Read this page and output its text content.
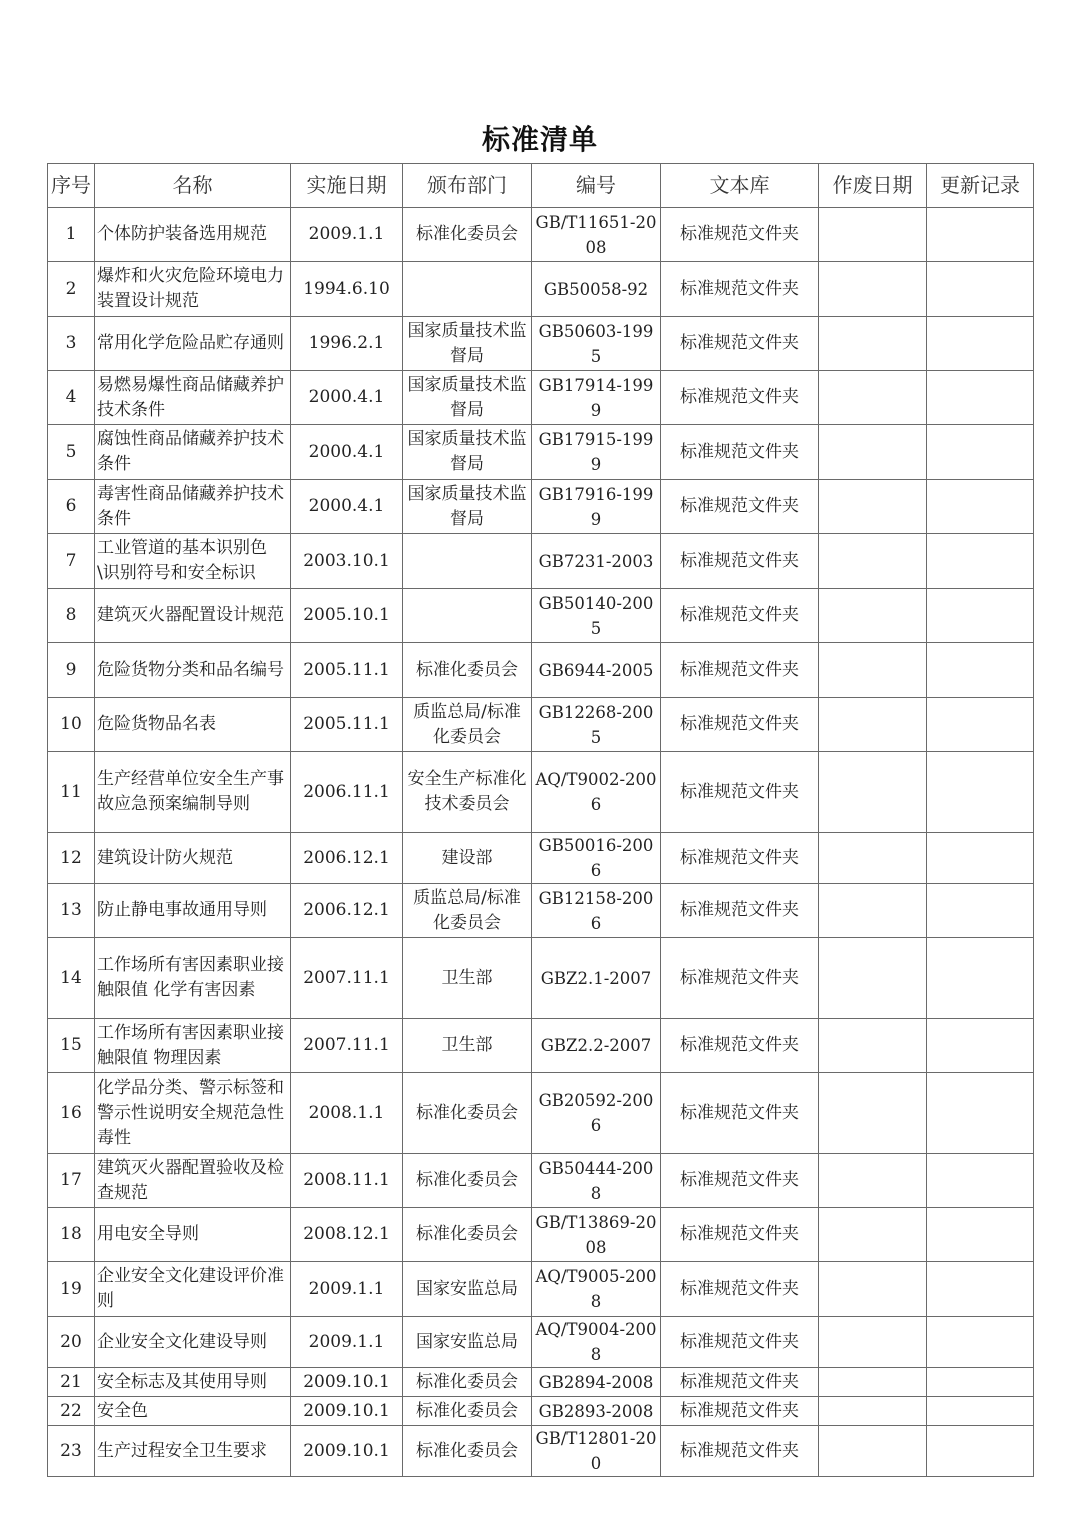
标准清单
序号	名称	实施日期	颁布部门	编号	文本库	作废日期	更新记录
1	个体防护装备选用规范	2009.1.1	标准化委员会	GB/T11651-2008	标准规范文件夹		
2	爆炸和火灾危险环境电力装置设计规范	1994.6.10		GB50058-92	标准规范文件夹		
3	常用化学危险品贮存通则	1996.2.1	国家质量技术监督局	GB50603-1995	标准规范文件夹		
4	易燃易爆性商品储藏养护技术条件	2000.4.1	国家质量技术监督局	GB17914-1999	标准规范文件夹		
5	腐蚀性商品储藏养护技术条件	2000.4.1	国家质量技术监督局	GB17915-1999	标准规范文件夹		
6	毒害性商品储藏养护技术条件	2000.4.1	国家质量技术监督局	GB17916-1999	标准规范文件夹		
7	工业管道的基本识别色\识别符号和安全标识	2003.10.1		GB7231-2003	标准规范文件夹		
8	建筑灭火器配置设计规范	2005.10.1		GB50140-2005	标准规范文件夹		
9	危险货物分类和品名编号	2005.11.1	标准化委员会	GB6944-2005	标准规范文件夹		
10	危险货物品名表	2005.11.1	质监总局/标准化委员会	GB12268-2005	标准规范文件夹		
11	生产经营单位安全生产事故应急预案编制导则	2006.11.1	安全生产标准化技术委员会	AQ/T9002-2006	标准规范文件夹		
12	建筑设计防火规范	2006.12.1	建设部	GB50016-2006	标准规范文件夹		
13	防止静电事故通用导则	2006.12.1	质监总局/标准化委员会	GB12158-2006	标准规范文件夹		
14	工作场所有害因素职业接触限值 化学有害因素	2007.11.1	卫生部	GBZ2.1-2007	标准规范文件夹		
15	工作场所有害因素职业接触限值 物理因素	2007.11.1	卫生部	GBZ2.2-2007	标准规范文件夹		
16	化学品分类、警示标签和警示性说明安全规范急性毒性	2008.1.1	标准化委员会	GB20592-2006	标准规范文件夹		
17	建筑灭火器配置验收及检查规范	2008.11.1	标准化委员会	GB50444-2008	标准规范文件夹		
18	用电安全导则	2008.12.1	标准化委员会	GB/T13869-2008	标准规范文件夹		
19	企业安全文化建设评价准则	2009.1.1	国家安监总局	AQ/T9005-2008	标准规范文件夹		
20	企业安全文化建设导则	2009.1.1	国家安监总局	AQ/T9004-2008	标准规范文件夹		
21	安全标志及其使用导则	2009.10.1	标准化委员会	GB2894-2008	标准规范文件夹		
22	安全色	2009.10.1	标准化委员会	GB2893-2008	标准规范文件夹		
23	生产过程安全卫生要求	2009.10.1	标准化委员会	GB/T12801-200	标准规范文件夹		
